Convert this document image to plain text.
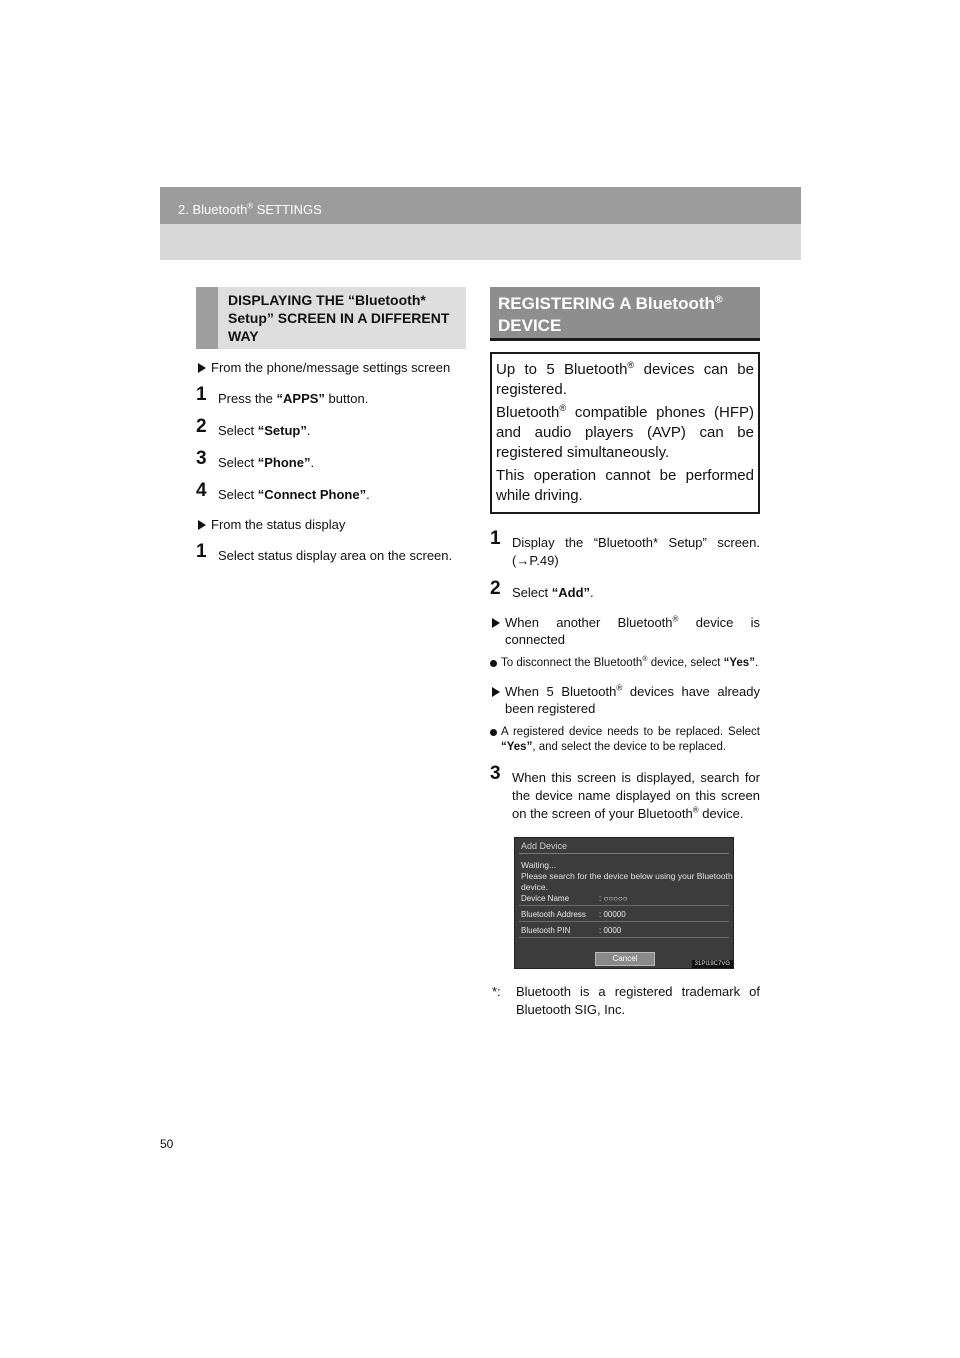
2. Bluetooth® SETTINGS
DISPLAYING THE “Bluetooth* Setup” SCREEN IN A DIFFERENT WAY
From the phone/message settings screen
1 Press the “APPS” button.
2 Select “Setup”.
3 Select “Phone”.
4 Select “Connect Phone”.
From the status display
1 Select status display area on the screen.
REGISTERING A Bluetooth®
DEVICE

Up to 5 Bluetooth® devices can be registered.

Bluetooth® compatible phones (HFP) and audio players (AVP) can be registered simultaneously.

This operation cannot be performed while driving.

1 Display the “Bluetooth* Setup” screen. (→P.49)
2 Select “Add”.
When another Bluetooth® device is connected
To disconnect the Bluetooth® device, select “Yes”.
When 5 Bluetooth® devices have already been registered
A registered device needs to be replaced. Select “Yes”, and select the device to be replaced.
3 When this screen is displayed, search for the device name displayed on this screen on the screen of your Bluetooth® device.
Add Device
Waiting...
Please search for the device below using your Bluetooth device.
Device Name	: ○○○○○
Bluetooth Address : 00000
Bluetooth PIN	: 0000
Cancel
31PI19C7VG
*: Bluetooth is a registered trademark of Bluetooth SIG, Inc.
50
